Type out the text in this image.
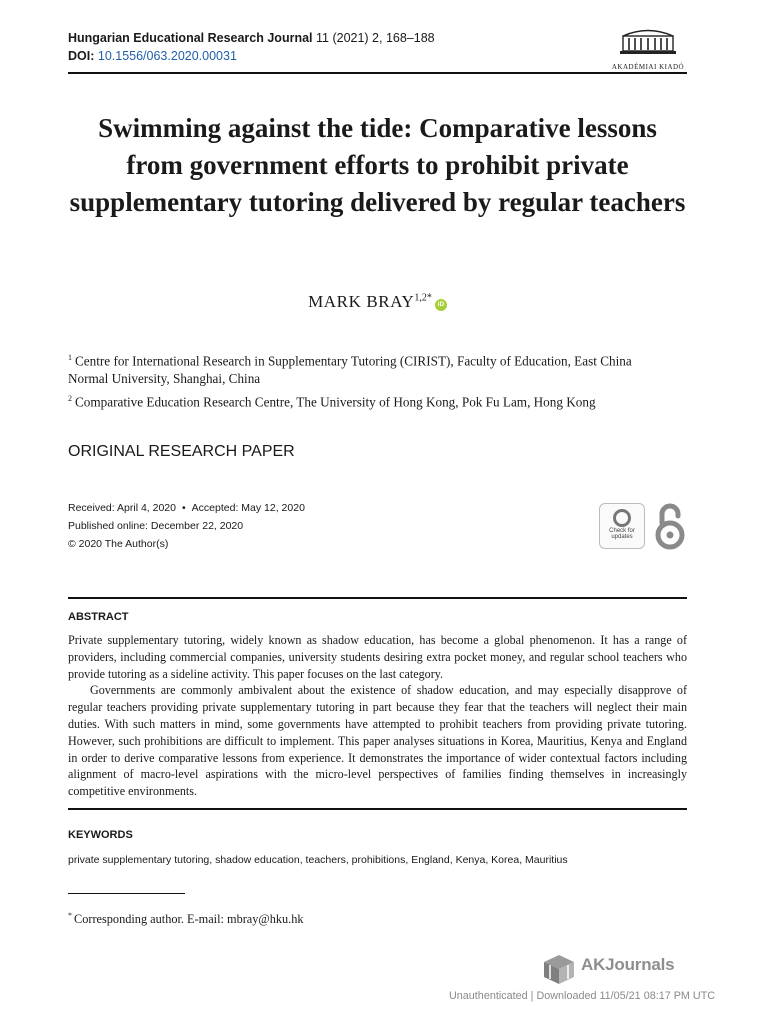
Hungarian Educational Research Journal 11 (2021) 2, 168–188
DOI: 10.1556/063.2020.00031
AKADÉMIAI KIADÓ
Swimming against the tide: Comparative lessons from government efforts to prohibit private supplementary tutoring delivered by regular teachers
MARK $BRAY^{1,2*}iD$
$^1$ Centre for International Research in Supplementary Tutoring (CIRIST), Faculty of Education, East China Normal University, Shanghai, China
$^2$ Comparative Education Research Centre, The University of Hong Kong, Pok Fu Lam, Hong Kong
ORIGINAL RESEARCH PAPER
Received: April 4, 2020 • Accepted: May 12, 2020
Published online: December 22, 2020
© 2020 The Author(s)
Check for updates
ABSTRACT

Private supplementary tutoring, widely known as shadow education, has become a global phenomenon. It has a range of providers, including commercial companies, university students desiring extra pocket money, and regular school teachers who provide tutoring as a sideline activity. This paper focuses on the last category.

Governments are commonly ambivalent about the existence of shadow education, and may especially disapprove of regular teachers providing private supplementary tutoring in part because they fear that the teachers will neglect their main duties. With such matters in mind, some governments have attempted to prohibit teachers from providing private tutoring. However, such prohibitions are difficult to implement. This paper analyses situations in Korea, Mauritius, Kenya and England in order to derive comparative lessons from experience. It demonstrates the importance of wider contextual factors including alignment of macro-level aspirations with the micro-level perspectives of families finding themselves in increasingly competitive environments.

KEYWORDS
private supplementary tutoring, shadow education, teachers, prohibitions, England, Kenya, Korea, Mauritius
* Corresponding author. E-mail: mbray@hku.hk
AKJournals
Unauthenticated | Downloaded 11/05/21 08:17 PM UTC
